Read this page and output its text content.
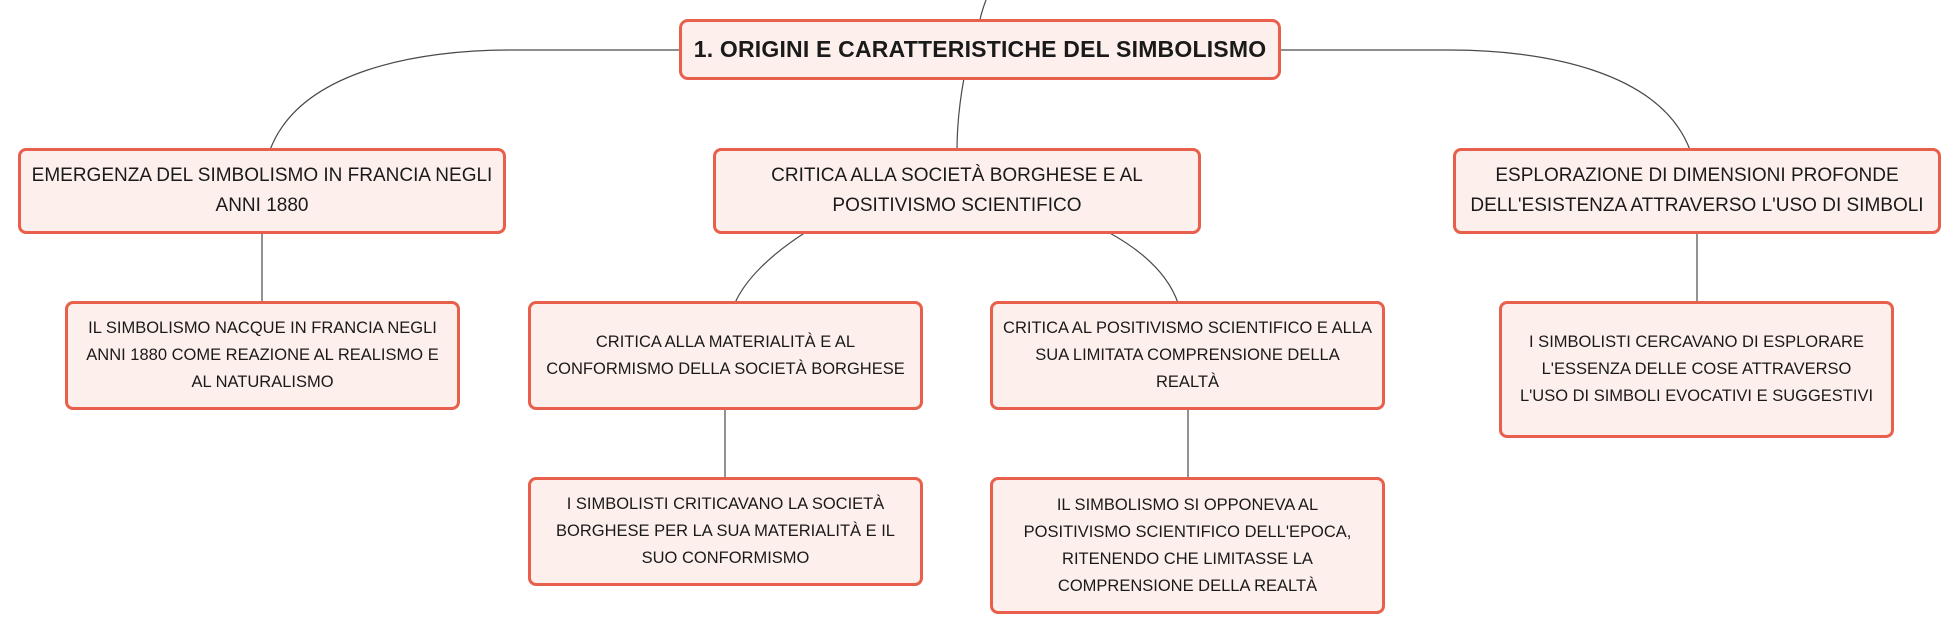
1. ORIGINI E CARATTERISTICHE DEL SIMBOLISMO
EMERGENZA DEL SIMBOLISMO IN FRANCIA NEGLI ANNI 1880
CRITICA ALLA SOCIETÀ BORGHESE E AL POSITIVISMO SCIENTIFICO
ESPLORAZIONE DI DIMENSIONI PROFONDE DELL'ESISTENZA ATTRAVERSO L'USO DI SIMBOLI
IL SIMBOLISMO NACQUE IN FRANCIA NEGLI ANNI 1880 COME REAZIONE AL REALISMO E AL NATURALISMO
CRITICA ALLA MATERIALITÀ E AL CONFORMISMO DELLA SOCIETÀ BORGHESE
CRITICA AL POSITIVISMO SCIENTIFICO E ALLA SUA LIMITATA COMPRENSIONE DELLA REALTÀ
I SIMBOLISTI CERCAVANO DI ESPLORARE L'ESSENZA DELLE COSE ATTRAVERSO L'USO DI SIMBOLI EVOCATIVI E SUGGESTIVI
I SIMBOLISTI CRITICAVANO LA SOCIETÀ BORGHESE PER LA SUA MATERIALITÀ E IL SUO CONFORMISMO
IL SIMBOLISMO SI OPPONEVA AL POSITIVISMO SCIENTIFICO DELL'EPOCA, RITENENDO CHE LIMITASSE LA COMPRENSIONE DELLA REALTÀ
